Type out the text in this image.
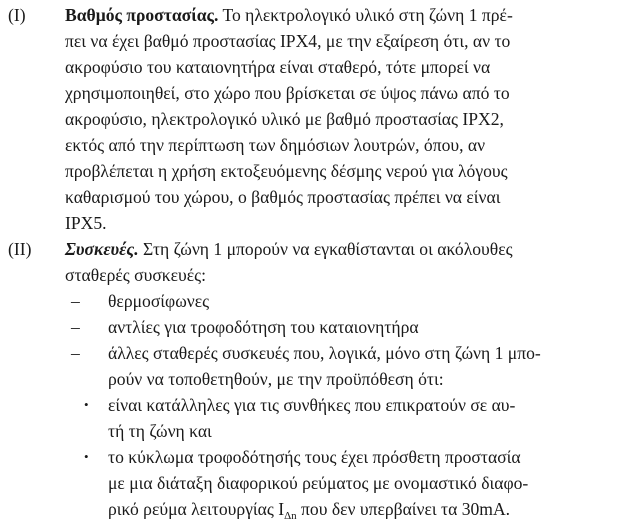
(I) Βαθμός προστασίας. Το ηλεκτρολογικό υλικό στη ζώνη 1 πρέ-
πει να έχει βαθμό προστασίας IPX4, με την εξαίρεση ότι, αν το
ακροφύσιο του καταιονητήρα είναι σταθερό, τότε μπορεί να
χρησιμοποιηθεί, στο χώρο που βρίσκεται σε ύψος πάνω από το
ακροφύσιο, ηλεκτρολογικό υλικό με βαθμό προστασίας IPX2,
εκτός από την περίπτωση των δημόσιων λουτρών, όπου, αν
προβλέπεται η χρήση εκτοξευόμενης δέσμης νερού για λόγους
καθαρισμού του χώρου, ο βαθμός προστασίας πρέπει να είναι
IPX5.
(II) Συσκευές. Στη ζώνη 1 μπορούν να εγκαθίστανται οι ακόλουθες
σταθερές συσκευές:
– θερμοσίφωνες
– αντλίες για τροφοδότηση του καταιονητήρα
– άλλες σταθερές συσκευές που, λογικά, μόνο στη ζώνη 1 μπο-
ρούν να τοποθετηθούν, με την προϋπόθεση ότι:
• είναι κατάλληλες για τις συνθήκες που επικρατούν σε αυ-
τή τη ζώνη και
• το κύκλωμα τροφοδότησής τους έχει πρόσθετη προστασία
με μια διάταξη διαφορικού ρεύματος με ονομαστικό διαφο-
ρικό ρεύμα λειτουργίας $I_{\Delta n}$ που δεν υπερβαίνει τα 30mA.
